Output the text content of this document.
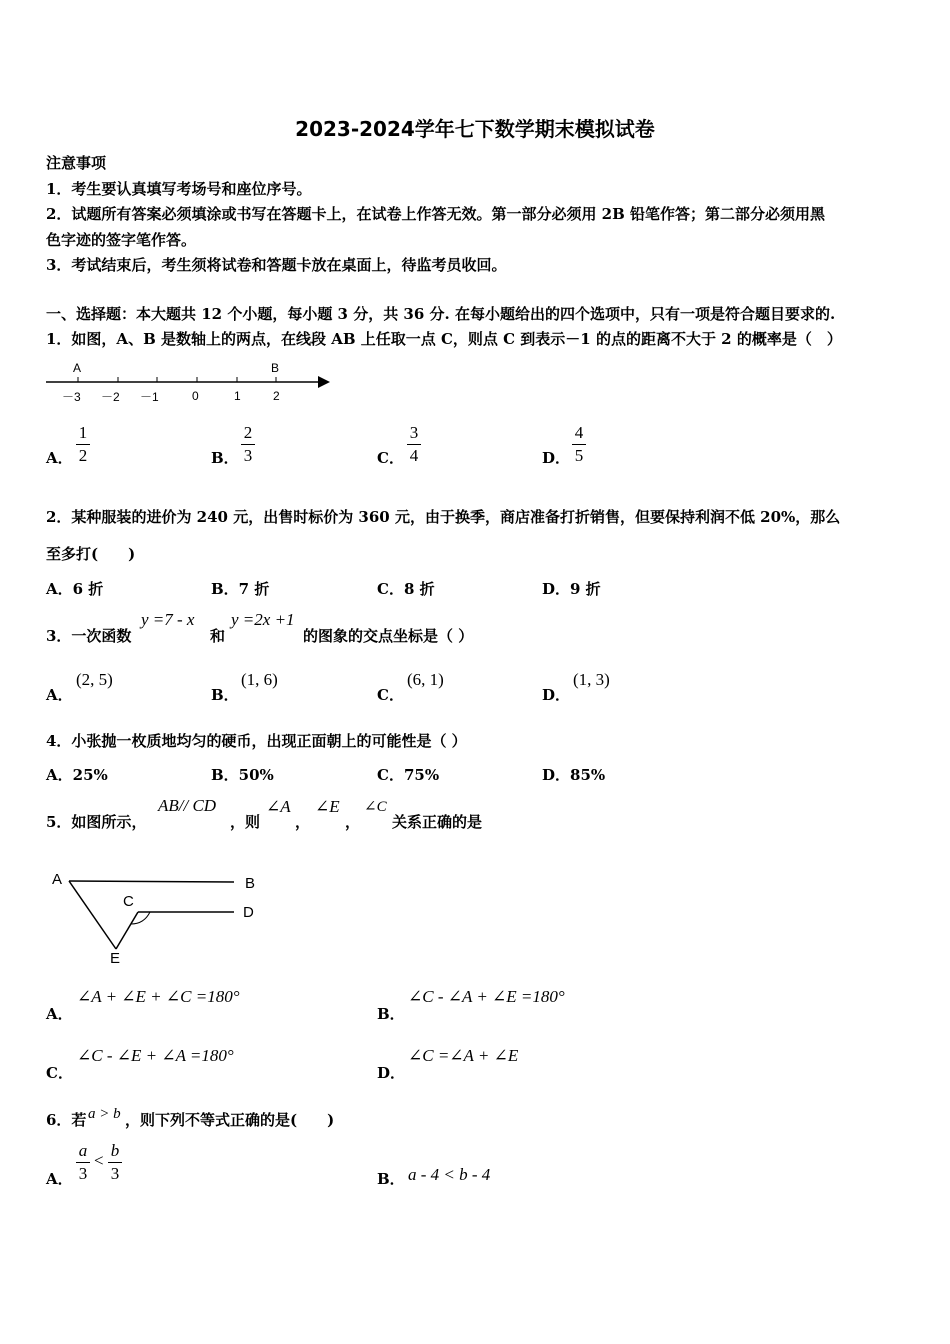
2023-2024学年七下数学期末模拟试卷
注意事项
1．考生要认真填写考场号和座位序号。
2．试题所有答案必须填涂或书写在答题卡上，在试卷上作答无效。第一部分必须用 2B 铅笔作答；第二部分必须用黑
色字迹的签字笔作答。
3．考试结束后，考生须将试卷和答题卡放在桌面上，待监考员收回。
一、选择题：本大题共 12 个小题，每小题 3 分，共 36 分. 在每小题给出的四个选项中，只有一项是符合题目要求的.
1．如图，A、B 是数轴上的两点，在线段 AB 上任取一点 C，则点 C 到表示－1 的点的距离不大于 2 的概率是（　）
A	B
－3 －2 －1	0	1	2
A．
1
2	B．
2
3	C．
3
4	D．
4
5
2．某种服装的进价为 240 元，出售时标价为 360 元，由于换季，商店准备打折销售，但要保持利润不低 20%，那么
至多打(　　)
A．6 折	B．7 折	C．8 折	D．9 折
3．一次函数
y =7 - x
和
y =2x +1
的图象的交点坐标是（ ）
A．
(2, 5)
B．
(1, 6)
C．
(6, 1)
D．
(1, 3)
4．小张抛一枚质地均匀的硬币，出现正面朝上的可能性是（ ）
A．25%	B．50%	C．75%	D．85%
5．如图所示，
AB// CD
，则
∠A
，
∠E
，
∠C
关系正确的是
A	B
C
D
E
A．
∠A + ∠E + ∠C =180°
B．
∠C - ∠A + ∠E =180°
C．
∠C - ∠E + ∠A =180°
D．
∠C =∠A + ∠E
6．若 a > b ，则下列不等式正确的是(　　)
A．
a
3
<
b
3	B． a - 4 < b - 4
